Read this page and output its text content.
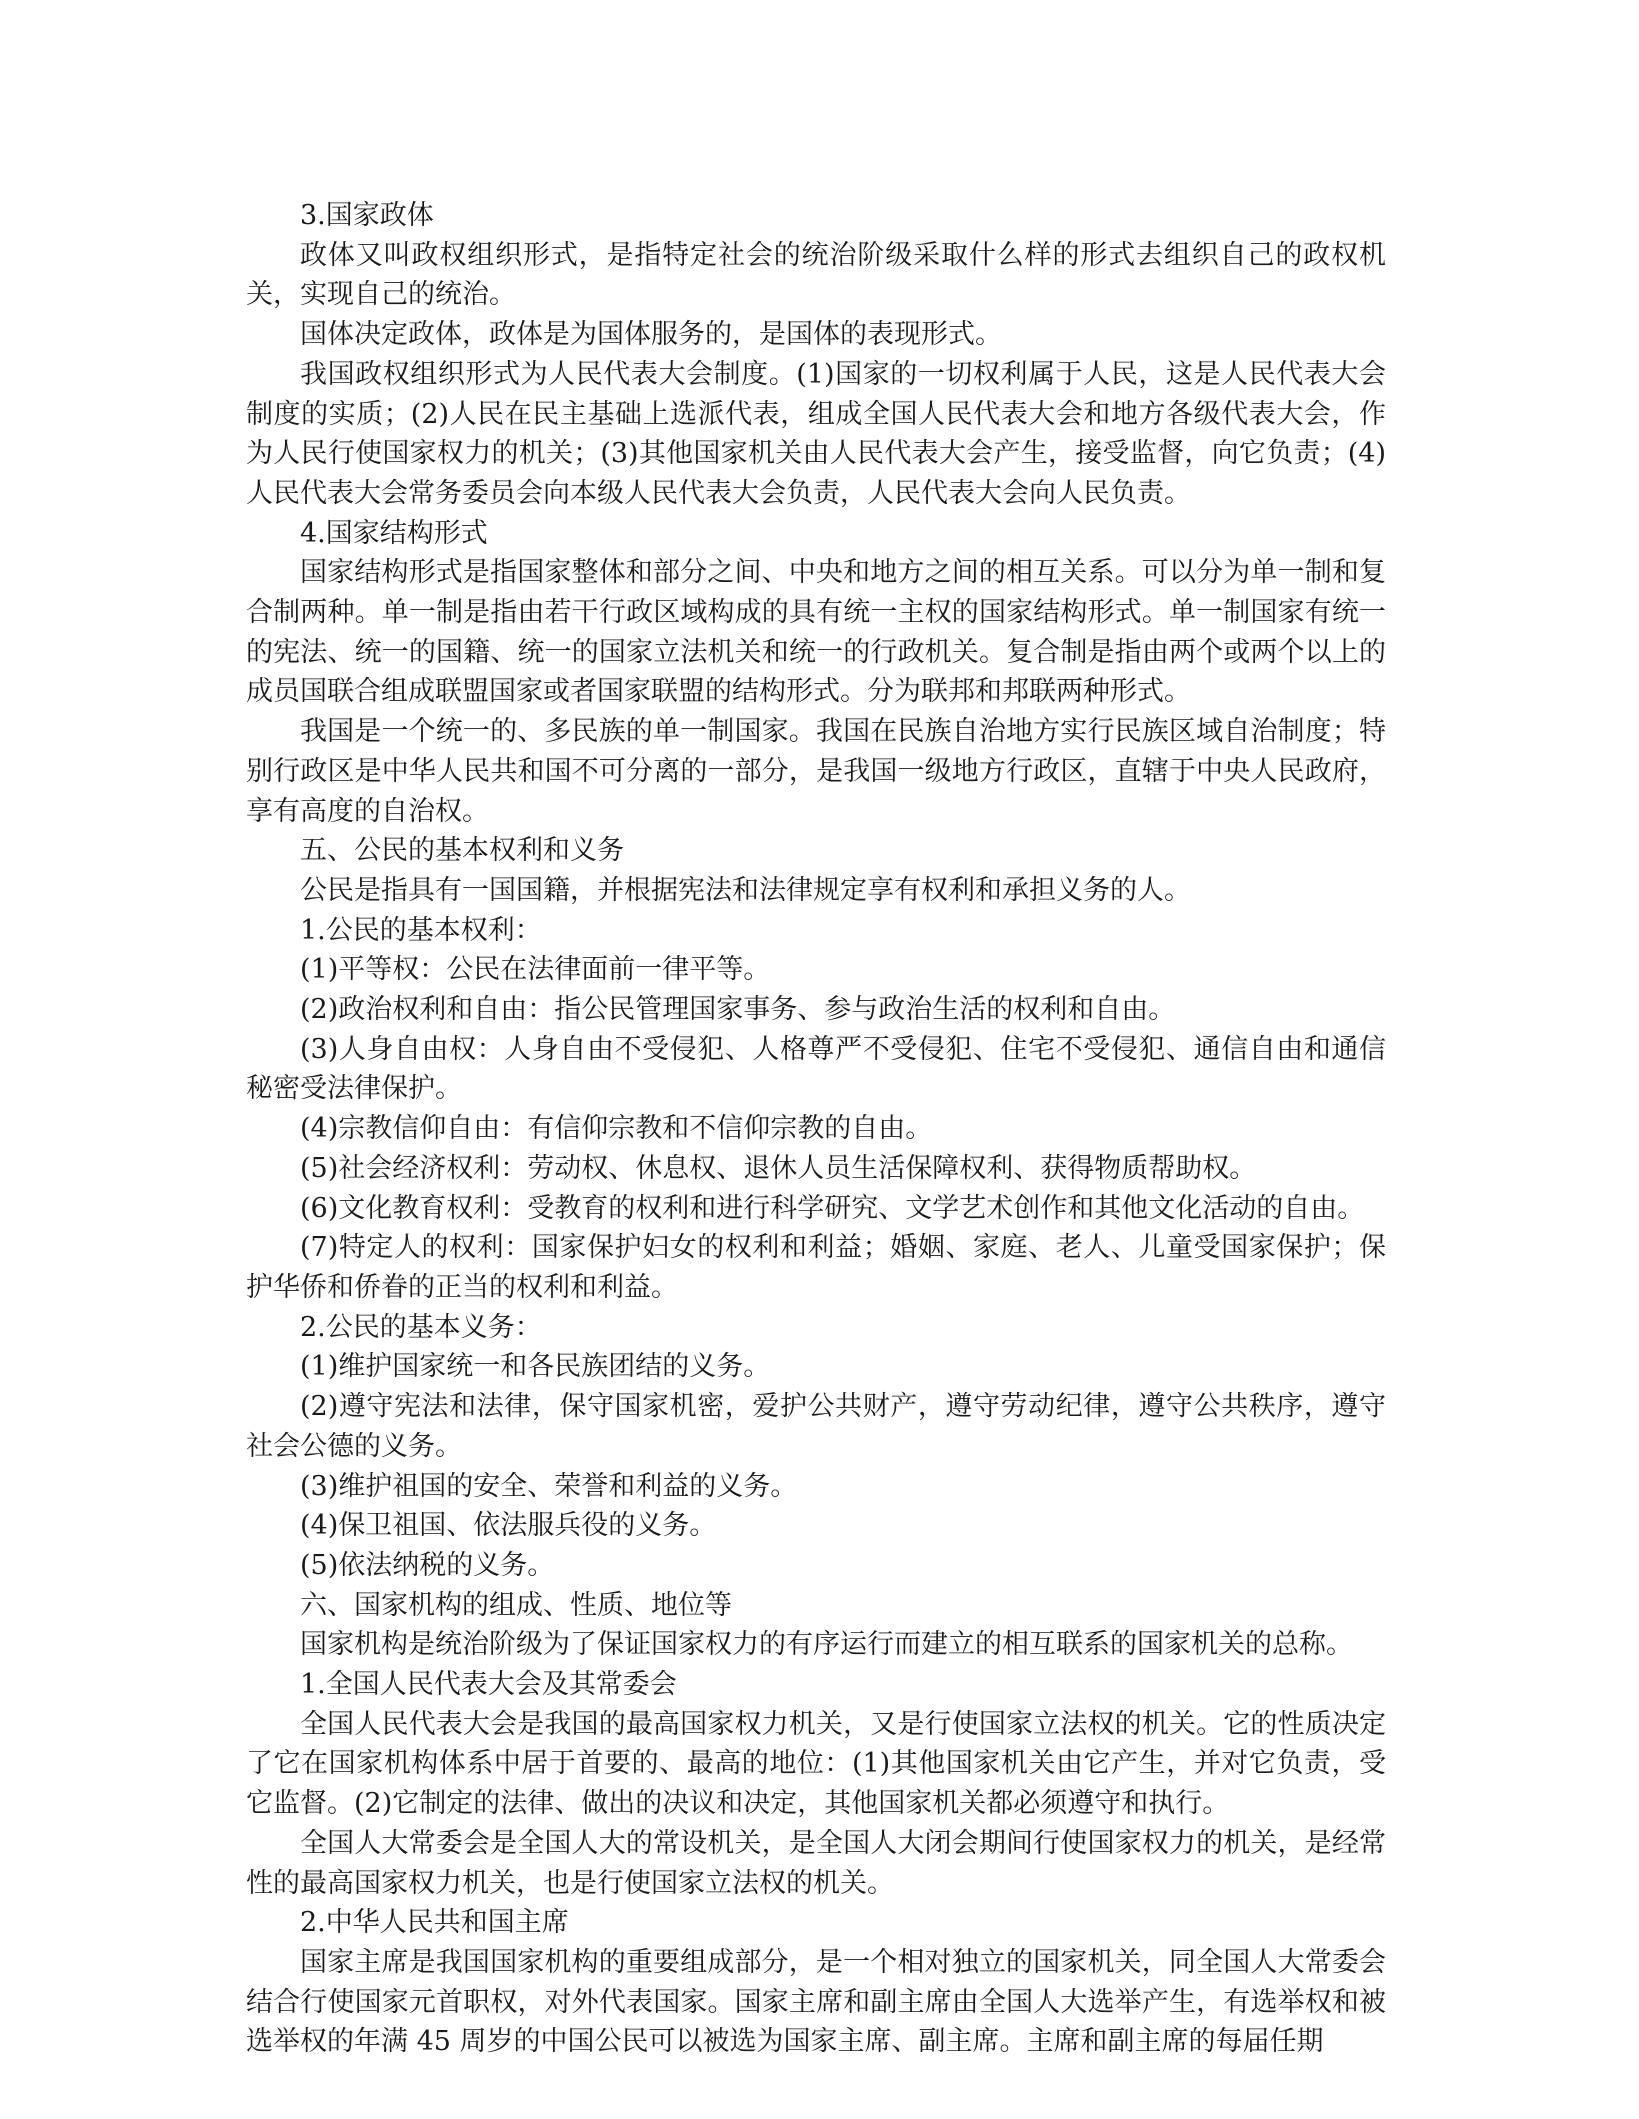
3.国家政体

政体又叫政权组织形式，是指特定社会的统治阶级采取什么样的形式去组织自己的政权机关，实现自己的统治。

国体决定政体，政体是为国体服务的，是国体的表现形式。

我国政权组织形式为人民代表大会制度。(1)国家的一切权利属于人民，这是人民代表大会制度的实质；(2)人民在民主基础上选派代表，组成全国人民代表大会和地方各级代表大会，作为人民行使国家权力的机关；(3)其他国家机关由人民代表大会产生，接受监督，向它负责；(4)人民代表大会常务委员会向本级人民代表大会负责，人民代表大会向人民负责。

4.国家结构形式

国家结构形式是指国家整体和部分之间、中央和地方之间的相互关系。可以分为单一制和复合制两种。单一制是指由若干行政区域构成的具有统一主权的国家结构形式。单一制国家有统一的宪法、统一的国籍、统一的国家立法机关和统一的行政机关。复合制是指由两个或两个以上的成员国联合组成联盟国家或者国家联盟的结构形式。分为联邦和邦联两种形式。

我国是一个统一的、多民族的单一制国家。我国在民族自治地方实行民族区域自治制度；特别行政区是中华人民共和国不可分离的一部分，是我国一级地方行政区，直辖于中央人民政府，享有高度的自治权。

五、公民的基本权利和义务

公民是指具有一国国籍，并根据宪法和法律规定享有权利和承担义务的人。

1.公民的基本权利：

(1)平等权：公民在法律面前一律平等。

(2)政治权利和自由：指公民管理国家事务、参与政治生活的权利和自由。

(3)人身自由权：人身自由不受侵犯、人格尊严不受侵犯、住宅不受侵犯、通信自由和通信秘密受法律保护。

(4)宗教信仰自由：有信仰宗教和不信仰宗教的自由。

(5)社会经济权利：劳动权、休息权、退休人员生活保障权利、获得物质帮助权。

(6)文化教育权利：受教育的权利和进行科学研究、文学艺术创作和其他文化活动的自由。

(7)特定人的权利：国家保护妇女的权利和利益；婚姻、家庭、老人、儿童受国家保护；保护华侨和侨眷的正当的权利和利益。

2.公民的基本义务：

(1)维护国家统一和各民族团结的义务。

(2)遵守宪法和法律，保守国家机密，爱护公共财产，遵守劳动纪律，遵守公共秩序，遵守社会公德的义务。

(3)维护祖国的安全、荣誉和利益的义务。

(4)保卫祖国、依法服兵役的义务。

(5)依法纳税的义务。

六、国家机构的组成、性质、地位等

国家机构是统治阶级为了保证国家权力的有序运行而建立的相互联系的国家机关的总称。

1.全国人民代表大会及其常委会

全国人民代表大会是我国的最高国家权力机关，又是行使国家立法权的机关。它的性质决定了它在国家机构体系中居于首要的、最高的地位：(1)其他国家机关由它产生，并对它负责，受它监督。(2)它制定的法律、做出的决议和决定，其他国家机关都必须遵守和执行。

全国人大常委会是全国人大的常设机关，是全国人大闭会期间行使国家权力的机关，是经常性的最高国家权力机关，也是行使国家立法权的机关。

2.中华人民共和国主席

国家主席是我国国家机构的重要组成部分，是一个相对独立的国家机关，同全国人大常委会结合行使国家元首职权，对外代表国家。国家主席和副主席由全国人大选举产生，有选举权和被选举权的年满 45 周岁的中国公民可以被选为国家主席、副主席。主席和副主席的每届任期
